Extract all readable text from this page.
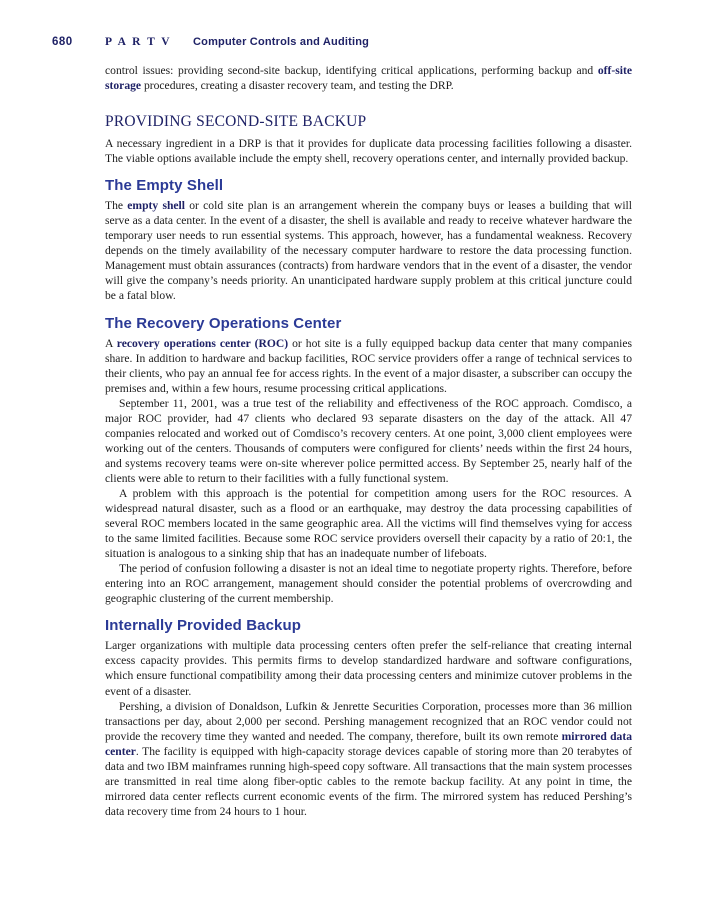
680	P A R T V Computer Controls and Auditing

control issues: providing second-site backup, identifying critical applications, performing backup and off-site storage procedures, creating a disaster recovery team, and testing the DRP.

PROVIDING SECOND-SITE BACKUP

A necessary ingredient in a DRP is that it provides for duplicate data processing facilities following a disaster. The viable options available include the empty shell, recovery operations center, and internally provided backup.

The Empty Shell

The empty shell or cold site plan is an arrangement wherein the company buys or leases a building that will serve as a data center. In the event of a disaster, the shell is available and ready to receive whatever hardware the temporary user needs to run essential systems. This approach, however, has a fundamental weakness. Recovery depends on the timely availability of the necessary computer hardware to restore the data processing function. Management must obtain assurances (contracts) from hardware vendors that in the event of a disaster, the vendor will give the company’s needs priority. An unanticipated hardware supply problem at this critical juncture could be a fatal blow.

The Recovery Operations Center

A recovery operations center (ROC) or hot site is a fully equipped backup data center that many companies share. In addition to hardware and backup facilities, ROC service providers offer a range of technical services to their clients, who pay an annual fee for access rights. In the event of a major disaster, a subscriber can occupy the premises and, within a few hours, resume processing critical applications.

September 11, 2001, was a true test of the reliability and effectiveness of the ROC approach. Comdisco, a major ROC provider, had 47 clients who declared 93 separate disasters on the day of the attack. All 47 companies relocated and worked out of Comdisco’s recovery centers. At one point, 3,000 client employees were working out of the centers. Thousands of computers were configured for clients’ needs within the first 24 hours, and systems recovery teams were on-site wherever police permitted access. By September 25, nearly half of the clients were able to return to their facilities with a fully functional system.

A problem with this approach is the potential for competition among users for the ROC resources. A widespread natural disaster, such as a flood or an earthquake, may destroy the data processing capabilities of several ROC members located in the same geographic area. All the victims will find themselves vying for access to the same limited facilities. Because some ROC service providers oversell their capacity by a ratio of 20:1, the situation is analogous to a sinking ship that has an inadequate number of lifeboats.

The period of confusion following a disaster is not an ideal time to negotiate property rights. Therefore, before entering into an ROC arrangement, management should consider the potential problems of overcrowding and geographic clustering of the current membership.

Internally Provided Backup

Larger organizations with multiple data processing centers often prefer the self-reliance that creating internal excess capacity provides. This permits firms to develop standardized hardware and software configurations, which ensure functional compatibility among their data processing centers and minimize cutover problems in the event of a disaster.

Pershing, a division of Donaldson, Lufkin & Jenrette Securities Corporation, processes more than 36 million transactions per day, about 2,000 per second. Pershing management recognized that an ROC vendor could not provide the recovery time they wanted and needed. The company, therefore, built its own remote mirrored data center. The facility is equipped with high-capacity storage devices capable of storing more than 20 terabytes of data and two IBM mainframes running high-speed copy software. All transactions that the main system processes are transmitted in real time along fiber-optic cables to the remote backup facility. At any point in time, the mirrored data center reflects current economic events of the firm. The mirrored system has reduced Pershing’s data recovery time from 24 hours to 1 hour.
